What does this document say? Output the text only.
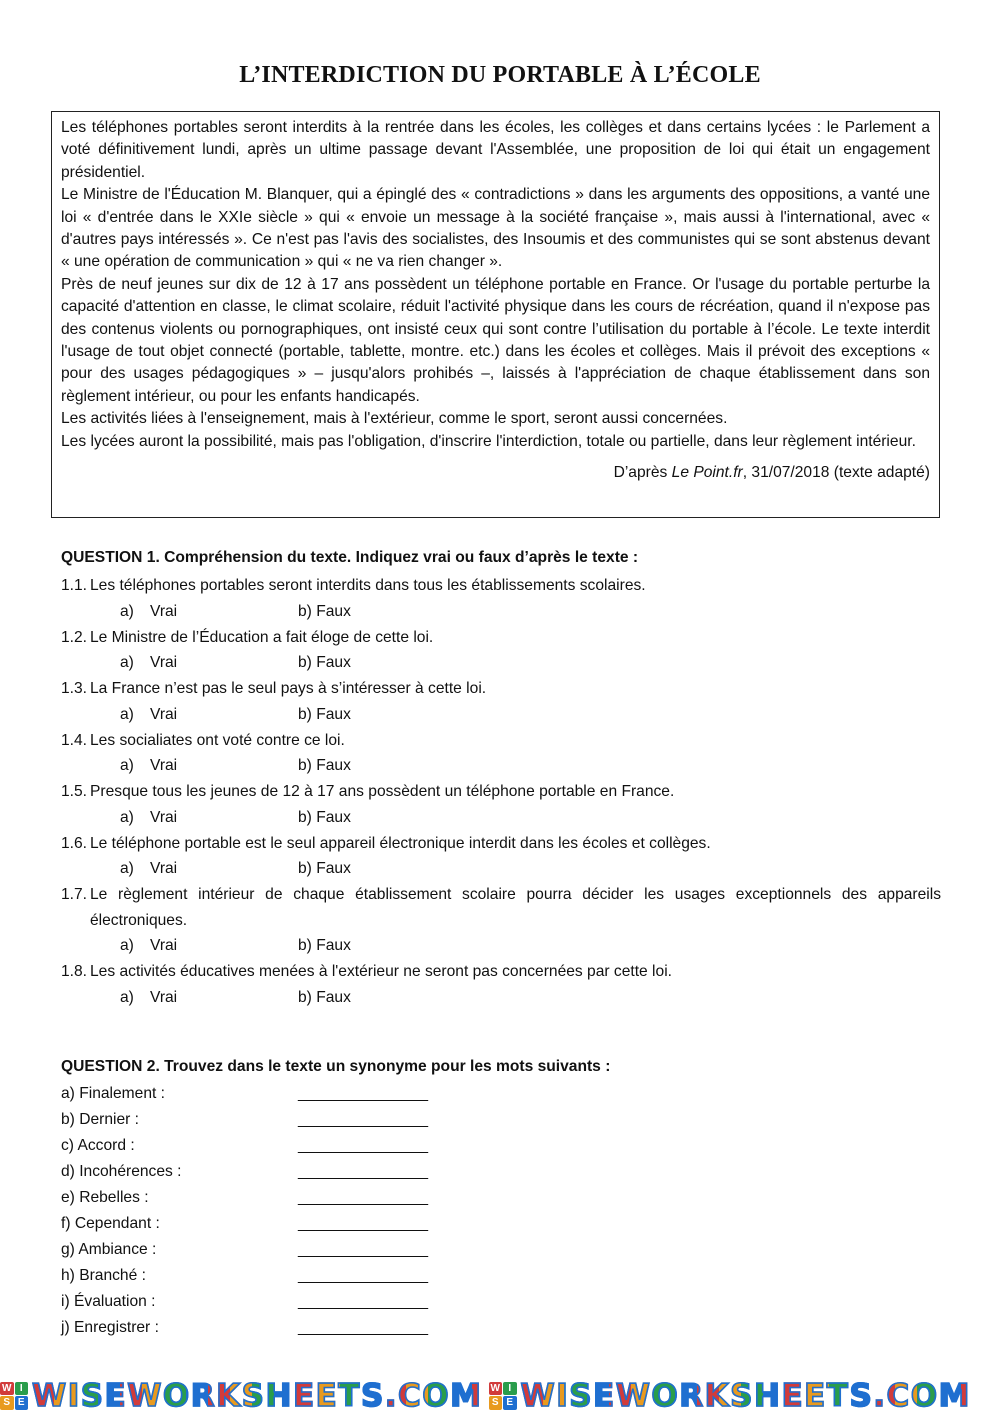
L’INTERDICTION DU PORTABLE À L’ÉCOLE

Les téléphones portables seront interdits à la rentrée dans les écoles, les collèges et dans certains lycées : le Parlement a voté définitivement lundi, après un ultime passage devant l'Assemblée, une proposition de loi qui était un engagement présidentiel.

Le Ministre de l'Éducation M. Blanquer, qui a épinglé des « contradictions » dans les arguments des oppositions, a vanté une loi « d'entrée dans le XXIe siècle » qui « envoie un message à la société française », mais aussi à l'international, avec « d'autres pays intéressés ». Ce n'est pas l'avis des socialistes, des Insoumis et des communistes qui se sont abstenus devant « une opération de communication » qui « ne va rien changer ».

Près de neuf jeunes sur dix de 12 à 17 ans possèdent un téléphone portable en France. Or l'usage du portable perturbe la capacité d'attention en classe, le climat scolaire, réduit l'activité physique dans les cours de récréation, quand il n'expose pas des contenus violents ou pornographiques, ont insisté ceux qui sont contre l’utilisation du portable à l’école. Le texte interdit l'usage de tout objet connecté (portable, tablette, montre. etc.) dans les écoles et collèges. Mais il prévoit des exceptions « pour des usages pédagogiques » – jusqu'alors prohibés –, laissés à l'appréciation de chaque établissement dans son règlement intérieur, ou pour les enfants handicapés.

Les activités liées à l'enseignement, mais à l'extérieur, comme le sport, seront aussi concernées.

Les lycées auront la possibilité, mais pas l'obligation, d'inscrire l'interdiction, totale ou partielle, dans leur règlement intérieur.

D’après Le Point.fr, 31/07/2018 (texte adapté)

QUESTION 1. Compréhension du texte. Indiquez vrai ou faux d’après le texte :
1.1. Les téléphones portables seront interdits dans tous les établissements scolaires.
a) Vrai	b) Faux
1.2. Le Ministre de l’Éducation a fait éloge de cette loi.
a) Vrai	b) Faux
1.3. La France n’est pas le seul pays à s’intéresser à cette loi.
a) Vrai	b) Faux
1.4. Les socialiates ont voté contre ce loi.
a) Vrai	b) Faux
1.5. Presque tous les jeunes de 12 à 17 ans possèdent un téléphone portable en France.
a) Vrai	b) Faux
1.6. Le téléphone portable est le seul appareil électronique interdit dans les écoles et collèges.
a) Vrai	b) Faux
1.7. Le règlement intérieur de chaque établissement scolaire pourra décider les usages exceptionnels des appareils électroniques.
a) Vrai	b) Faux
1.8. Les activités éducatives menées à l'extérieur ne seront pas concernées par cette loi.
a) Vrai	b) Faux
QUESTION 2. Trouvez dans le texte un synonyme pour les mots suivants :
a) Finalement :	_______________
b) Dernier :	_______________
c) Accord :	_______________
d) Incohérences :	_______________
e) Rebelles :	_______________
f) Cependant :	_______________
g) Ambiance :	_______________
h) Branché :	_______________
i) Évaluation :	_______________
j) Enregistrer :	_______________
W I
S E WISEWORKSHEETS.COM W I
S E WISEWORKSHEETS.COM
